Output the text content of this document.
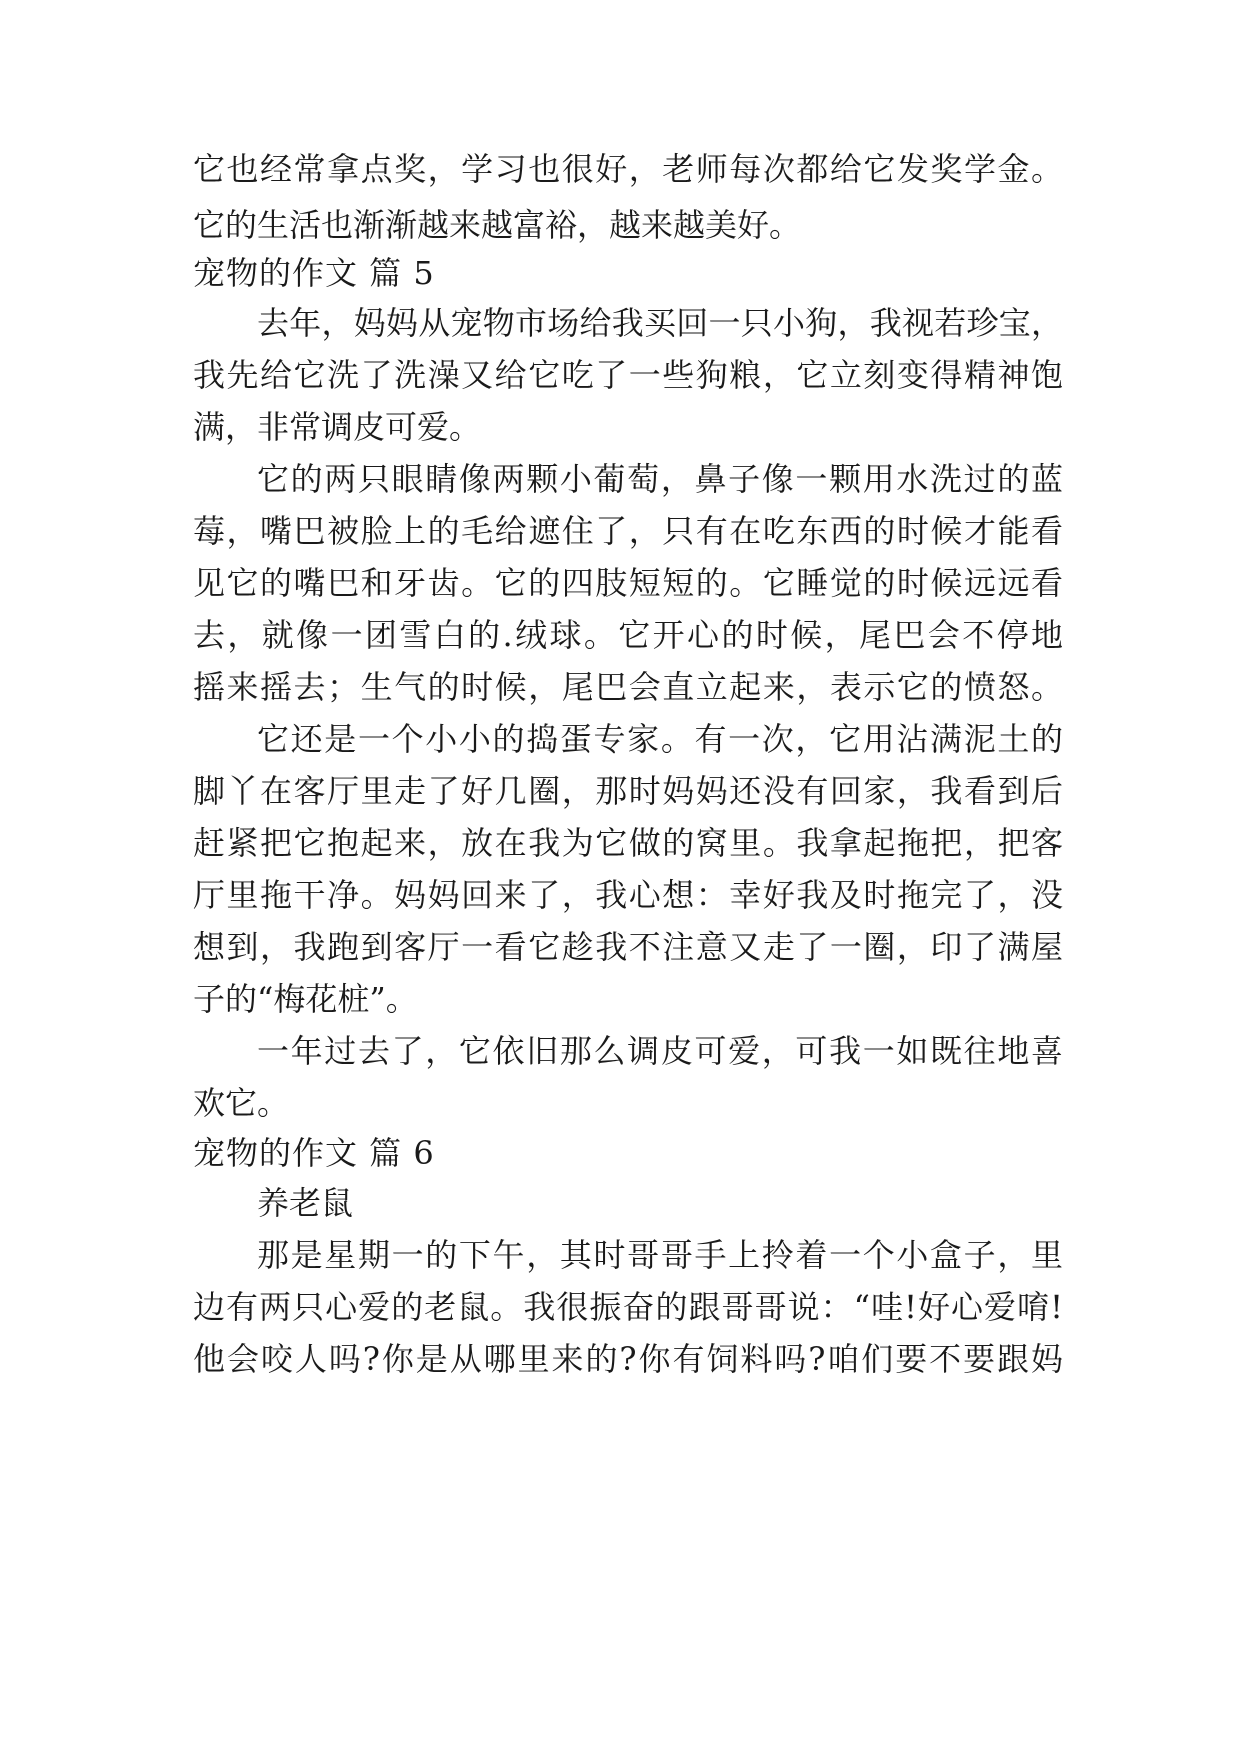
它也经常拿点奖，学习也很好，老师每次都给它发奖学金。
它的生活也渐渐越来越富裕，越来越美好。
宠物的作文 篇 5
去年，妈妈从宠物市场给我买回一只小狗，我视若珍宝，
我先给它洗了洗澡又给它吃了一些狗粮，它立刻变得精神饱
满，非常调皮可爱。
它的两只眼睛像两颗小葡萄，鼻子像一颗用水洗过的蓝
莓，嘴巴被脸上的毛给遮住了，只有在吃东西的时候才能看
见它的嘴巴和牙齿。它的四肢短短的。它睡觉的时候远远看
去，就像一团雪白的.绒球。它开心的时候，尾巴会不停地
摇来摇去；生气的时候，尾巴会直立起来，表示它的愤怒。
它还是一个小小的捣蛋专家。有一次，它用沾满泥土的
脚丫在客厅里走了好几圈，那时妈妈还没有回家，我看到后
赶紧把它抱起来，放在我为它做的窝里。我拿起拖把，把客
厅里拖干净。妈妈回来了，我心想：幸好我及时拖完了，没
想到，我跑到客厅一看它趁我不注意又走了一圈，印了满屋
子的“梅花桩”。
一年过去了，它依旧那么调皮可爱，可我一如既往地喜
欢它。
宠物的作文 篇 6
养老鼠
那是星期一的下午，其时哥哥手上拎着一个小盒子，里
边有两只心爱的老鼠。我很振奋的跟哥哥说：“哇!好心爱唷!
他会咬人吗?你是从哪里来的?你有饲料吗?咱们要不要跟妈
